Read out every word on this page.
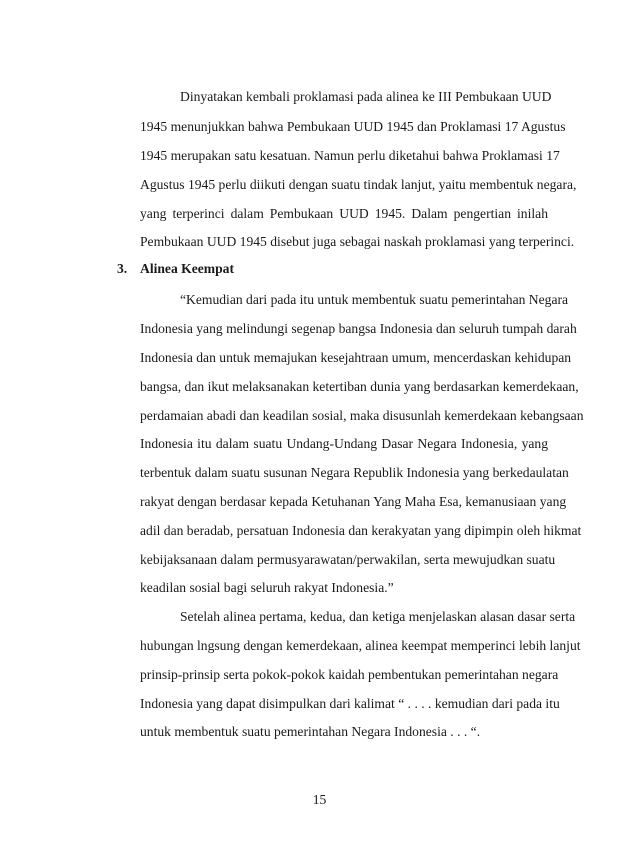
Dinyatakan kembali proklamasi pada alinea ke III Pembukaan UUD
1945 menunjukkan bahwa Pembukaan UUD 1945 dan Proklamasi 17 Agustus
1945 merupakan satu kesatuan. Namun perlu diketahui bahwa Proklamasi 17
Agustus 1945 perlu diikuti dengan suatu tindak lanjut, yaitu membentuk negara,
yang terperinci dalam Pembukaan UUD 1945. Dalam pengertian inilah
Pembukaan UUD 1945 disebut juga sebagai naskah proklamasi yang terperinci.
3. Alinea Keempat
“Kemudian dari pada itu untuk membentuk suatu pemerintahan Negara
Indonesia yang melindungi segenap bangsa Indonesia dan seluruh tumpah darah
Indonesia dan untuk memajukan kesejahtraan umum, mencerdaskan kehidupan
bangsa, dan ikut melaksanakan ketertiban dunia yang berdasarkan kemerdekaan,
perdamaian abadi dan keadilan sosial, maka disusunlah kemerdekaan kebangsaan
Indonesia itu dalam suatu Undang-Undang Dasar Negara Indonesia, yang
terbentuk dalam suatu susunan Negara Republik Indonesia yang berkedaulatan
rakyat dengan berdasar kepada Ketuhanan Yang Maha Esa, kemanusiaan yang
adil dan beradab, persatuan Indonesia dan kerakyatan yang dipimpin oleh hikmat
kebijaksanaan dalam permusyarawatan/perwakilan, serta mewujudkan suatu
keadilan sosial bagi seluruh rakyat Indonesia.”
Setelah alinea pertama, kedua, dan ketiga menjelaskan alasan dasar serta
hubungan lngsung dengan kemerdekaan, alinea keempat memperinci lebih lanjut
prinsip-prinsip serta pokok-pokok kaidah pembentukan pemerintahan negara
Indonesia yang dapat disimpulkan dari kalimat “ . . . . kemudian dari pada itu
untuk membentuk suatu pemerintahan Negara Indonesia . . . “.
15
